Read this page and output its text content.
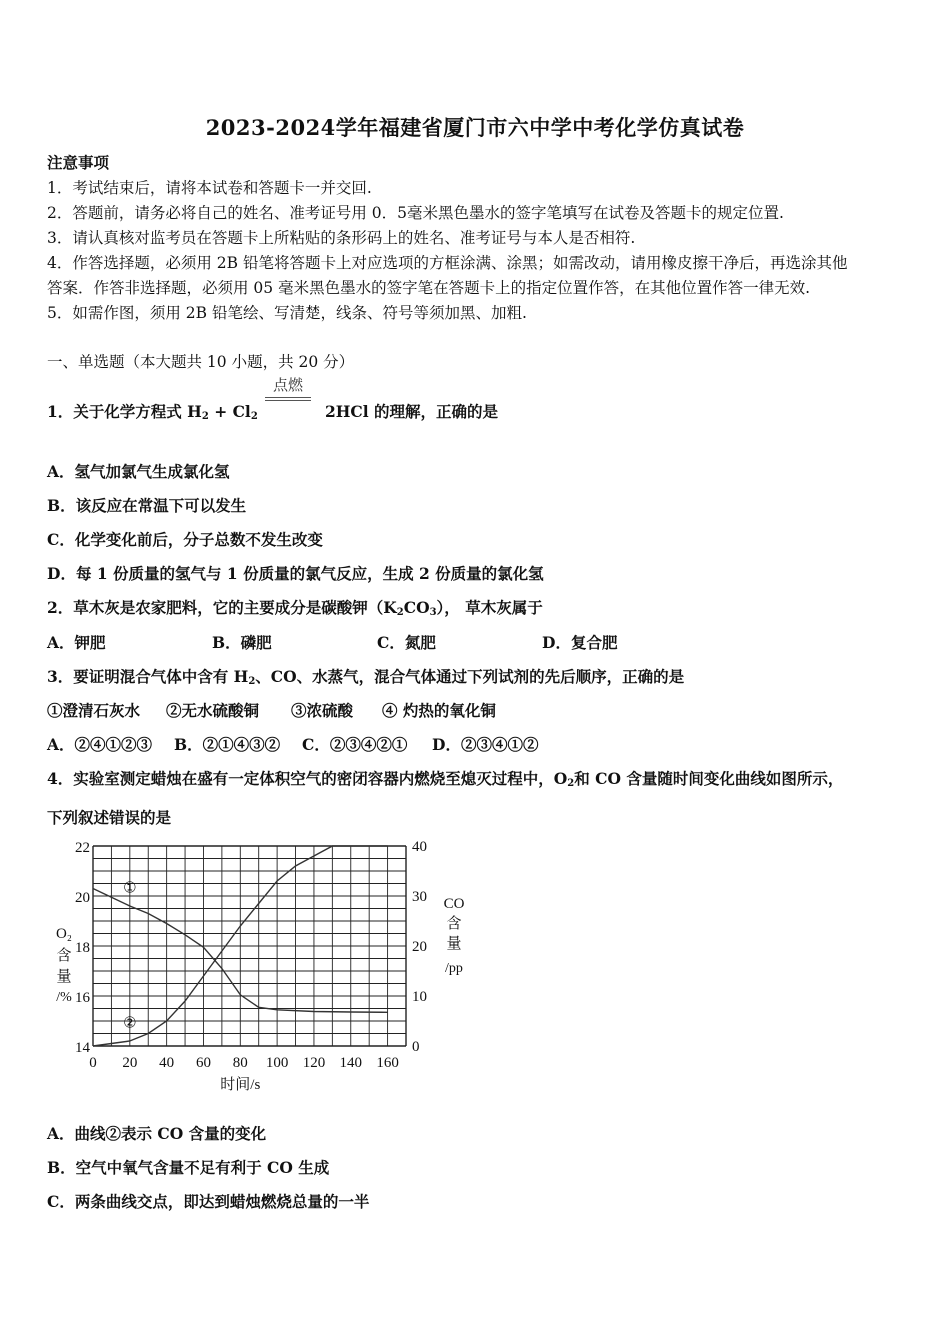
2023-2024学年福建省厦门市六中学中考化学仿真试卷
注意事项
1．考试结束后，请将本试卷和答题卡一并交回.
2．答题前，请务必将自己的姓名、准考证号用 0．5毫米黑色墨水的签字笔填写在试卷及答题卡的规定位置.
3．请认真核对监考员在答题卡上所粘贴的条形码上的姓名、准考证号与本人是否相符.
4．作答选择题，必须用 2B 铅笔将答题卡上对应选项的方框涂满、涂黑；如需改动，请用橡皮擦干净后，再选涂其他
答案．作答非选择题，必须用 05 毫米黑色墨水的签字笔在答题卡上的指定位置作答，在其他位置作答一律无效.
5．如需作图，须用 2B 铅笔绘、写清楚，线条、符号等须加黑、加粗.
一、单选题（本大题共 10 小题，共 20 分）
1．关于化学方程式 $H_2 + Cl_2$
点燃
2HCl 的理解，正确的是
A．氢气加氯气生成氯化氢
B．该反应在常温下可以发生
C．化学变化前后，分子总数不发生改变
D．每 1 份质量的氢气与 1 份质量的氯气反应，生成 2 份质量的氯化氢
2．草木灰是农家肥料，它的主要成分是碳酸钾$(K_2CO_3)$， 草木灰属于
A．钾肥	B．磷肥	C．氮肥	D．复合肥
3．要证明混合气体中含有 $H_2$、CO、水蒸气，混合气体通过下列试剂的先后顺序，正确的是
①澄清石灰水 ②无水硫酸铜 ③浓硫酸 ④ 灼热的氧化铜
A．②④①②③ B．②①④③② C．②③④②① D．②③④①②
4．实验室测定蜡烛在盛有一定体积空气的密闭容器内燃烧至熄灭过程中，$O_2$和 CO 含量随时间变化曲线如图所示，
下列叙述错误的是
①
②
14
16
18
20
22
0
10
20
30
40
0 20 40 60 80 100 120 140 160
时间/s
O₂
含
量
/%
CO
含
量
/pp
A．曲线②表示 CO 含量的变化
B．空气中氧气含量不足有利于 CO 生成
C．两条曲线交点，即达到蜡烛燃烧总量的一半
